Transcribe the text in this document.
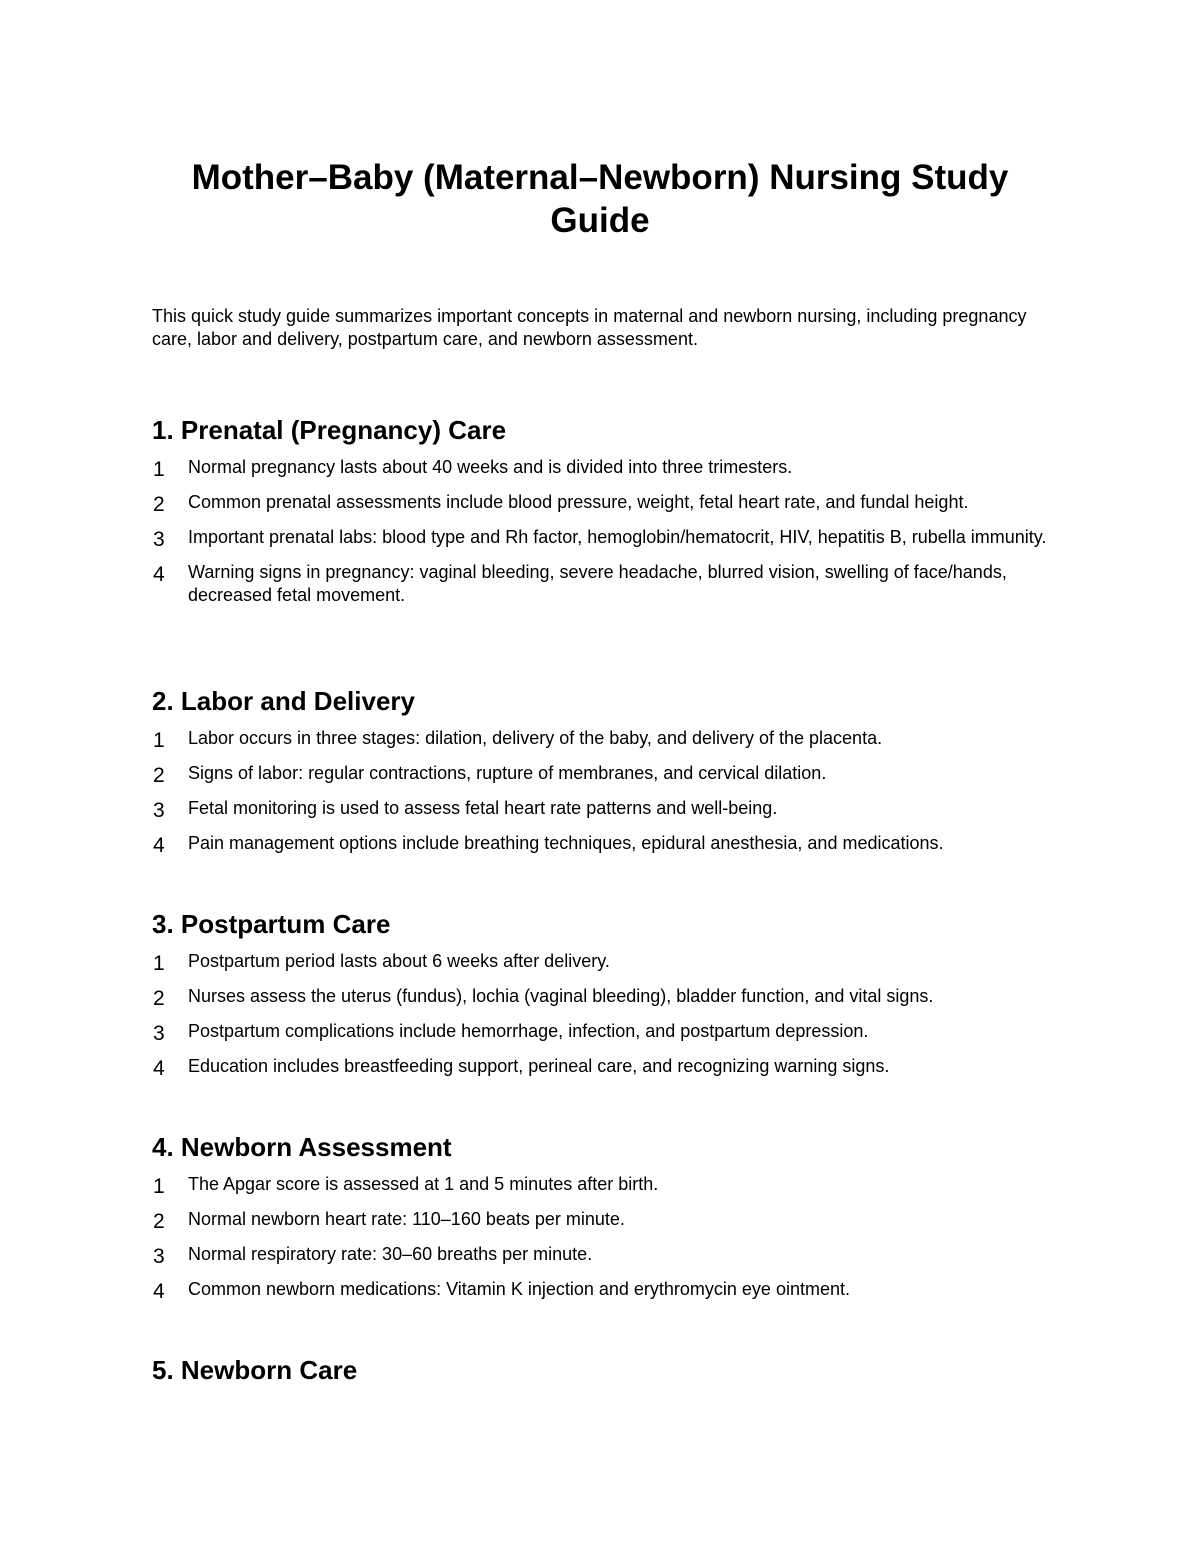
Mother–Baby (Maternal–Newborn) Nursing Study Guide

This quick study guide summarizes important concepts in maternal and newborn nursing, including pregnancy care, labor and delivery, postpartum care, and newborn assessment.

1. Prenatal (Pregnancy) Care
1 Normal pregnancy lasts about 40 weeks and is divided into three trimesters.
2 Common prenatal assessments include blood pressure, weight, fetal heart rate, and fundal height.
3 Important prenatal labs: blood type and Rh factor, hemoglobin/hematocrit, HIV, hepatitis B, rubella immunity.
4 Warning signs in pregnancy: vaginal bleeding, severe headache, blurred vision, swelling of face/hands, decreased fetal movement.
2. Labor and Delivery
1 Labor occurs in three stages: dilation, delivery of the baby, and delivery of the placenta.
2 Signs of labor: regular contractions, rupture of membranes, and cervical dilation.
3 Fetal monitoring is used to assess fetal heart rate patterns and well-being.
4 Pain management options include breathing techniques, epidural anesthesia, and medications.
3. Postpartum Care
1 Postpartum period lasts about 6 weeks after delivery.
2 Nurses assess the uterus (fundus), lochia (vaginal bleeding), bladder function, and vital signs.
3 Postpartum complications include hemorrhage, infection, and postpartum depression.
4 Education includes breastfeeding support, perineal care, and recognizing warning signs.
4. Newborn Assessment
1 The Apgar score is assessed at 1 and 5 minutes after birth.
2 Normal newborn heart rate: 110–160 beats per minute.
3 Normal respiratory rate: 30–60 breaths per minute.
4 Common newborn medications: Vitamin K injection and erythromycin eye ointment.
5. Newborn Care
